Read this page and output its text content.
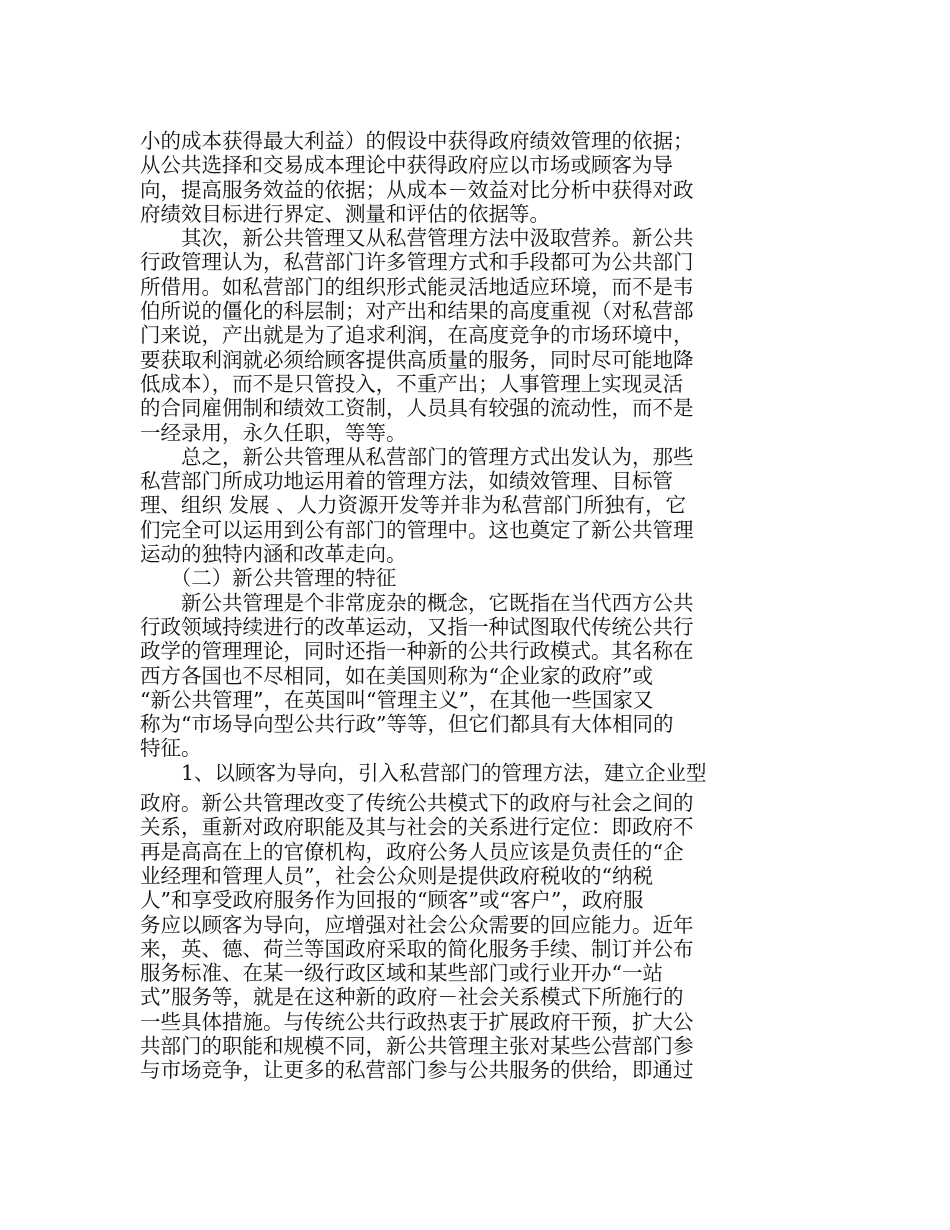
小的成本获得最大利益）的假设中获得政府绩效管理的依据；
从公共选择和交易成本理论中获得政府应以市场或顾客为导
向，提高服务效益的依据；从成本－效益对比分析中获得对政
府绩效目标进行界定、测量和评估的依据等。
　　其次，新公共管理又从私营管理方法中汲取营养。新公共
行政管理认为，私营部门许多管理方式和手段都可为公共部门
所借用。如私营部门的组织形式能灵活地适应环境，而不是韦
伯所说的僵化的科层制；对产出和结果的高度重视（对私营部
门来说，产出就是为了追求利润，在高度竞争的市场环境中，
要获取利润就必须给顾客提供高质量的服务，同时尽可能地降
低成本），而不是只管投入，不重产出；人事管理上实现灵活
的合同雇佣制和绩效工资制，人员具有较强的流动性，而不是
一经录用，永久任职，等等。
　　总之，新公共管理从私营部门的管理方式出发认为，那些
私营部门所成功地运用着的管理方法，如绩效管理、目标管
理、组织 发展 、人力资源开发等并非为私营部门所独有，它
们完全可以运用到公有部门的管理中。这也奠定了新公共管理
运动的独特内涵和改革走向。
　　（二）新公共管理的特征
　　新公共管理是个非常庞杂的概念，它既指在当代西方公共
行政领域持续进行的改革运动，又指一种试图取代传统公共行
政学的管理理论，同时还指一种新的公共行政模式。其名称在
西方各国也不尽相同，如在美国则称为“企业家的政府”或
“新公共管理”，在英国叫“管理主义”，在其他一些国家又
称为“市场导向型公共行政”等等，但它们都具有大体相同的
特征。
　　1、以顾客为导向，引入私营部门的管理方法，建立企业型
政府。新公共管理改变了传统公共模式下的政府与社会之间的
关系，重新对政府职能及其与社会的关系进行定位：即政府不
再是高高在上的官僚机构，政府公务人员应该是负责任的“企
业经理和管理人员”，社会公众则是提供政府税收的“纳税
人”和享受政府服务作为回报的“顾客”或“客户”，政府服
务应以顾客为导向，应增强对社会公众需要的回应能力。近年
来，英、德、荷兰等国政府采取的简化服务手续、制订并公布
服务标准、在某一级行政区域和某些部门或行业开办“一站
式”服务等，就是在这种新的政府－社会关系模式下所施行的
一些具体措施。与传统公共行政热衷于扩展政府干预，扩大公
共部门的职能和规模不同，新公共管理主张对某些公营部门参
与市场竞争，让更多的私营部门参与公共服务的供给，即通过
